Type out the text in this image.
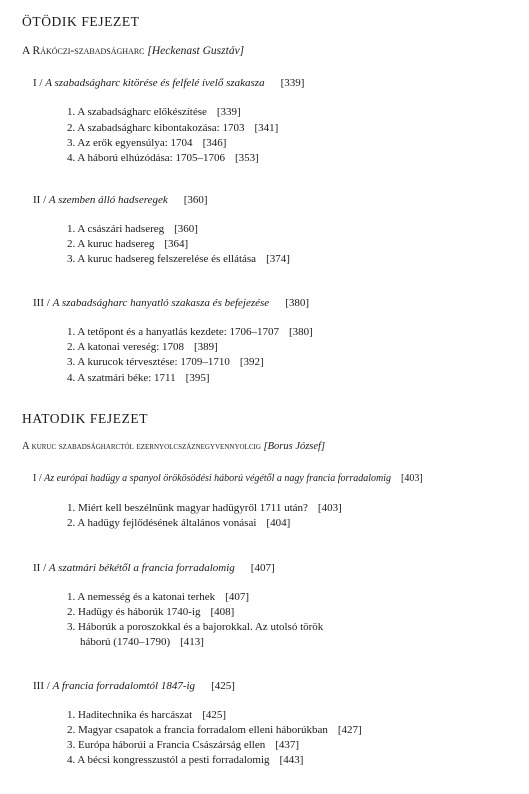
ÖTÖDIK FEJEZET
A Rákóczi-szabadságharc [Heckenast Gusztáv]
I / A szabadságharc kitörése és felfelé ívelő szakasza [339]
1. A szabadságharc előkészítése [339]
2. A szabadságharc kibontakozása: 1703 [341]
3. Az erők egyensúlya: 1704 [346]
4. A háború elhúzódása: 1705–1706 [353]
II / A szemben álló hadseregek [360]
1. A császári hadsereg [360]
2. A kuruc hadsereg [364]
3. A kuruc hadsereg felszerelése és ellátása [374]
III / A szabadságharc hanyatló szakasza és befejezése [380]
1. A tetőpont és a hanyatlás kezdete: 1706–1707 [380]
2. A katonai vereség: 1708 [389]
3. A kurucok térvesztése: 1709–1710 [392]
4. A szatmári béke: 1711 [395]
HATODIK FEJEZET
A kuruc szabadságharctól ezernyolcszáznegyvennyolcig [Borus József]
I / Az európai hadügy a spanyol örökösödési háború végétől a nagy francia forradalomig [403]
1. Miért kell beszélnünk magyar hadügyről 1711 után? [403]
2. A hadügy fejlődésének általános vonásai [404]
II / A szatmári békétől a francia forradalomig [407]
1. A nemesség és a katonai terhek [407]
2. Hadügy és háborúk 1740-ig [408]
3. Háborúk a poroszokkal és a bajorokkal. Az utolsó török
háború (1740–1790) [413]
III / A francia forradalomtól 1847-ig [425]
1. Haditechnika és harcászat [425]
2. Magyar csapatok a francia forradalom elleni háborúkban [427]
3. Európa háborúi a Francia Császárság ellen [437]
4. A bécsi kongresszustól a pesti forradalomig [443]
